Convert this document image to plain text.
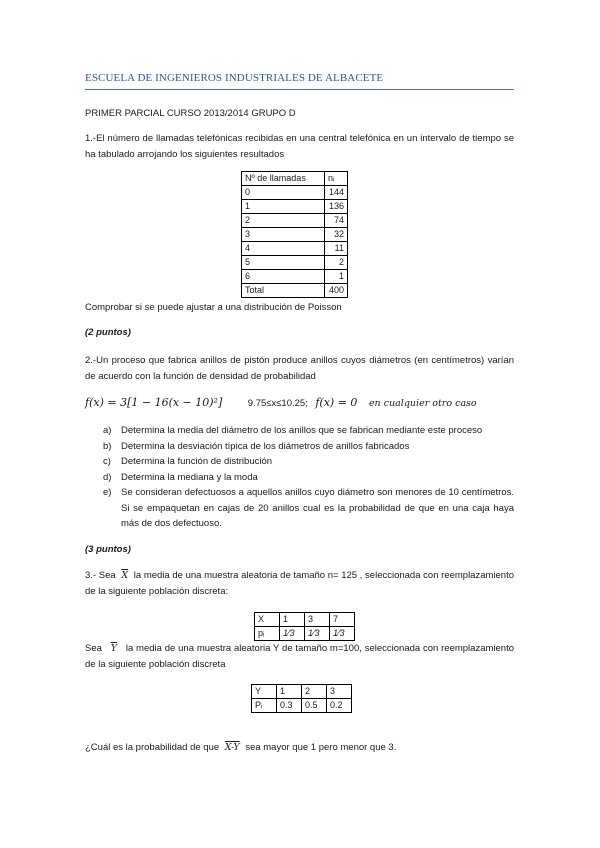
ESCUELA DE INGENIEROS INDUSTRIALES DE ALBACETE
PRIMER PARCIAL CURSO 2013/2014 GRUPO D
1.-El número de llamadas telefónicas recibidas en una central telefónica en un intervalo de tiempo se ha tabulado arrojando los siguientes resultados
Nº de llamadas	nᵢ
0	144
1	136
2	74
3	32
4	11
5	2
6	1
Total	400
Comprobar si se puede ajustar a una distribución de Poisson
(2 puntos)
2.-Un proceso que fabrica anillos de pistón produce anillos cuyos diámetros (en centímetros) varían de acuerdo con la función de densidad de probabilidad
f(x) = 3[1 − 16(x − 10)²]	9.75≤x≤10.25; f(x) = 0 en cualquier otro caso
a) Determina la media del diámetro de los anillos que se fabrican mediante este proceso
b) Determina la desviación típica de los diámetros de anillos fabricados
c) Determina la función de distribución
d) Determina la mediana y la moda
e) Se consideran defectuosos a aquellos anillos cuyo diámetro son menores de 10 centímetros. Si se empaquetan en cajas de 20 anillos cual es la probabilidad de que en una caja haya más de dos defectuoso.
(3 puntos)
3.- Sea $\overline{X}$ la media de una muestra aleatoria de tamaño n= 125 , seleccionada con reemplazamiento de la siguiente población discreta:
X	1	3	7
pᵢ	1⁄3	1⁄3	1⁄3
Sea $\overline{Y}$ la media de una muestra aleatoria Y de tamaño m=100, seleccionada con reemplazamiento de la siguiente población discreta
Y	1	2	3
Pᵢ	0.3	0.5	0.2
¿Cuál es la probabilidad de que X-Y sea mayor que 1 pero menor que 3.
